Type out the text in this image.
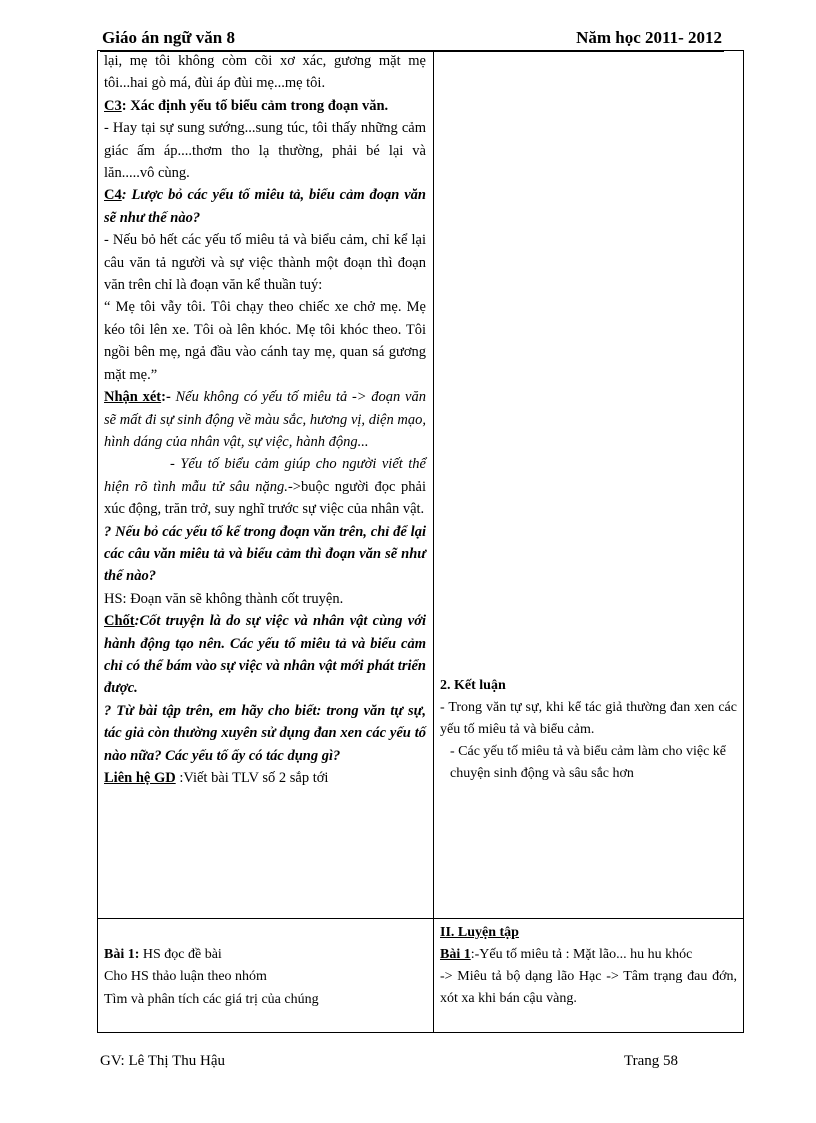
Giáo án ngữ văn 8	Năm học 2011- 2012

lại, mẹ tôi không còm cõi xơ xác, gương mặt mẹ tôi...hai gò má, đùi áp đùi mẹ...mẹ tôi.

C3: Xác định yếu tố biểu cảm trong đoạn văn.

- Hay tại sự sung sướng...sung túc, tôi thấy những cảm giác ấm áp....thơm tho lạ thường, phải bé lại và lăn.....vô cùng.

C4: Lược bỏ các yếu tố miêu tả, biểu cảm đoạn văn sẽ như thế nào?

- Nếu bỏ hết các yếu tố miêu tả và biểu cảm, chỉ kể lại câu văn tả người và sự việc thành một đoạn thì đoạn văn trên chỉ là đoạn văn kể thuần tuý:

“ Mẹ tôi vẫy tôi. Tôi chạy theo chiếc xe chở mẹ. Mẹ kéo tôi lên xe. Tôi oà lên khóc. Mẹ tôi khóc theo. Tôi ngồi bên mẹ, ngả đầu vào cánh tay mẹ, quan sá gương mặt mẹ.”

Nhận xét:- Nếu không có yếu tố miêu tả -> đoạn văn sẽ mất đi sự sinh động về màu sắc, hương vị, diện mạo, hình dáng của nhân vật, sự việc, hành động...

- Yếu tố biểu cảm giúp cho người viết thể hiện rõ tình mẫu tử sâu nặng.->buộc người đọc phải xúc động, trăn trở, suy nghĩ trước sự việc của nhân vật.

? Nếu bỏ các yếu tố kể trong đoạn văn trên, chỉ để lại các câu văn miêu tả và biểu cảm thì đoạn văn sẽ như thế nào?

HS: Đoạn văn sẽ không thành cốt truyện.

Chốt:Cốt truyện là do sự việc và nhân vật cùng với hành động tạo nên. Các yếu tố miêu tả và biểu cảm chỉ có thể bám vào sự việc và nhân vật mới phát triển được.

? Từ bài tập trên, em hãy cho biết: trong văn tự sự, tác giả còn thường xuyên sử dụng đan xen các yếu tố nào nữa? Các yếu tố ấy có tác dụng gì?

Liên hệ GD :Viết bài TLV số 2 sắp tới

2. Kết luận

- Trong văn tự sự, khi kể tác giả thường đan xen các yếu tố miêu tả và biểu cảm.

- Các yếu tố miêu tả và biểu cảm làm cho việc kể chuyện sinh động và sâu sắc hơn

Bài 1: HS đọc đề bài

Cho HS thảo luận theo nhóm

Tìm và phân tích các giá trị của chúng

II. Luyện tập

Bài 1:-Yếu tố miêu tả : Mặt lão... hu hu khóc

-> Miêu tả bộ dạng lão Hạc -> Tâm trạng đau đớn, xót xa khi bán cậu vàng.

GV: Lê Thị Thu Hậu	Trang 58
